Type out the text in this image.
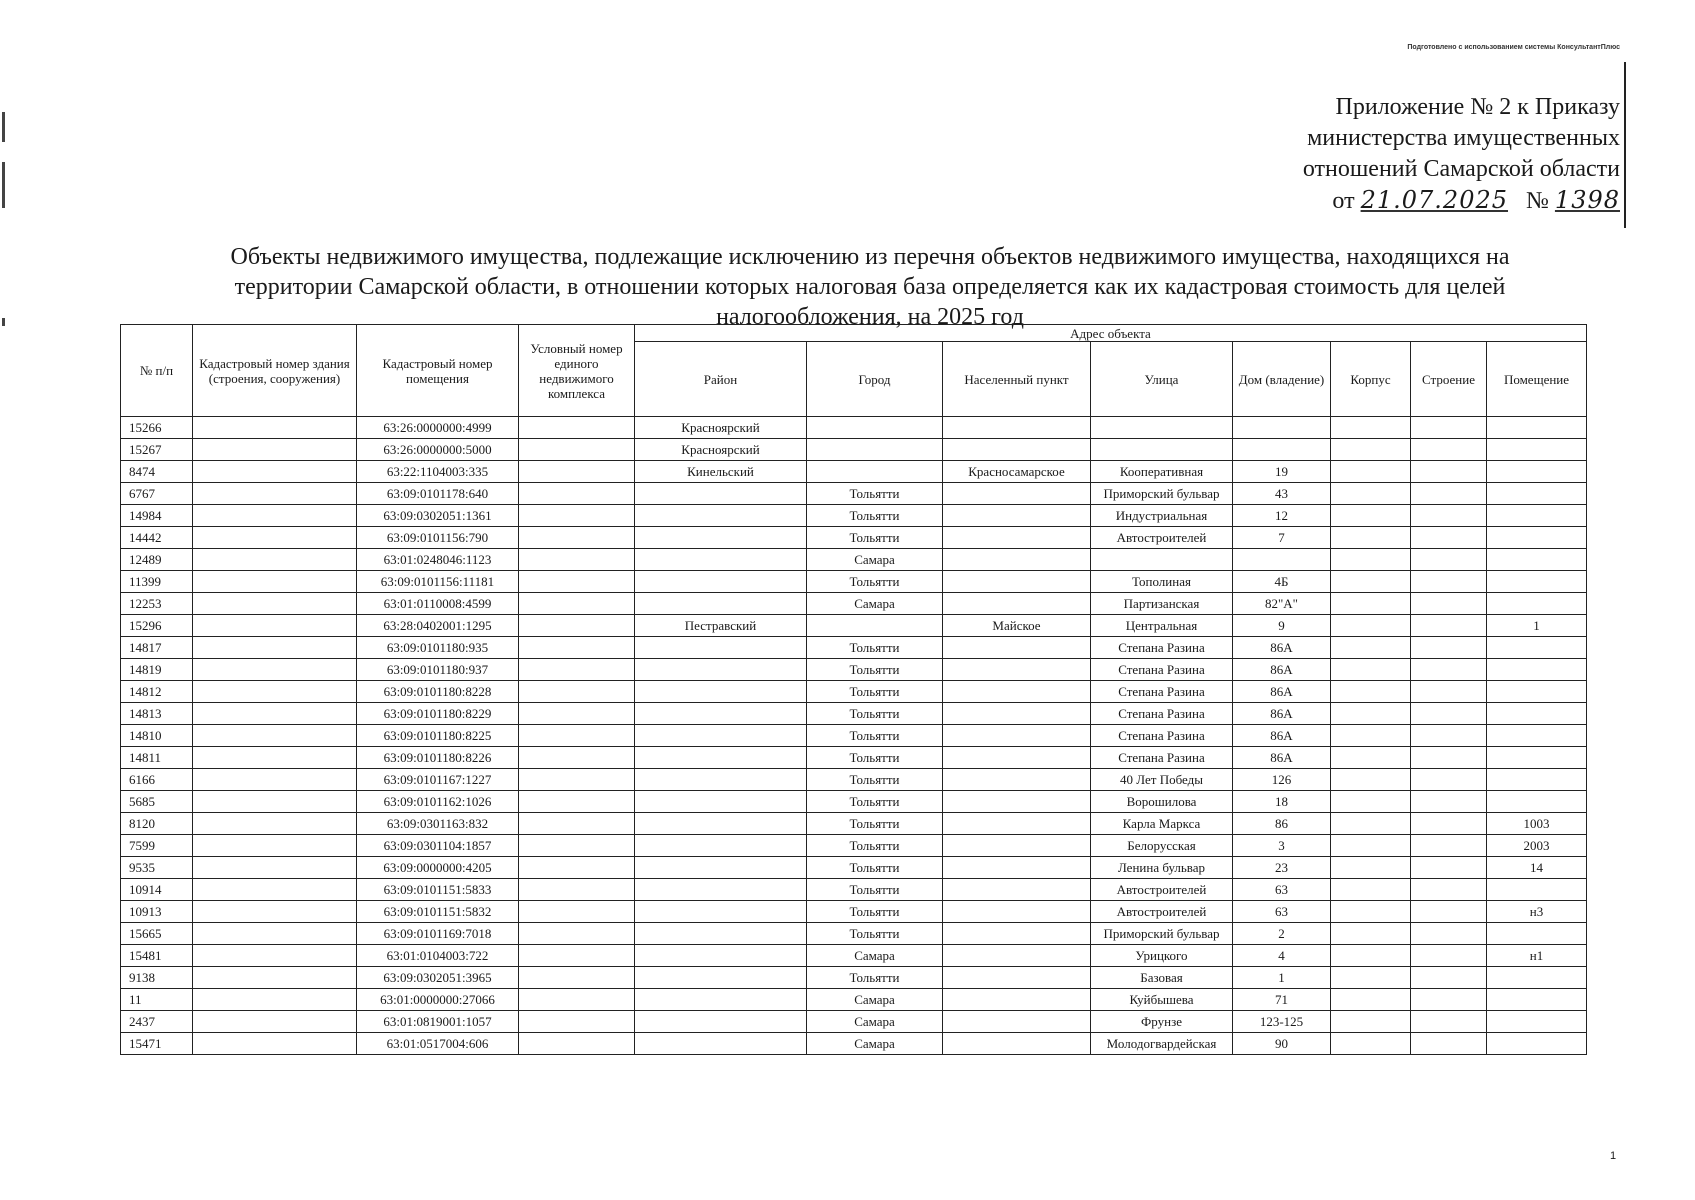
Подготовлено с использованием системы КонсультантПлюс
Приложение № 2 к Приказу
министерства имущественных
отношений Самарской области
от 21.07.2025 № 1398
Объекты недвижимого имущества, подлежащие исключению из перечня объектов недвижимого имущества, находящихся на
территории Самарской области, в отношении которых налоговая база определяется как их кадастровая стоимость для целей
налогообложения, на 2025 год
№ п/п	Кадастровый номер здания (строения, сооружения)	Кадастровый номер помещения	Условный номер единого недвижимого комплекса	Адрес объекта							
				Район	Город	Населенный пункт	Улица	Дом (владение)	Корпус	Строение	Помещение
15266		63:26:0000000:4999		Красноярский							
15267		63:26:0000000:5000		Красноярский							
8474		63:22:1104003:335		Кинельский		Красносамарское	Кооперативная	19			
6767		63:09:0101178:640			Тольятти		Приморский бульвар	43			
14984		63:09:0302051:1361			Тольятти		Индустриальная	12			
14442		63:09:0101156:790			Тольятти		Автостроителей	7			
12489		63:01:0248046:1123			Самара						
11399		63:09:0101156:11181			Тольятти		Тополиная	4Б			
12253		63:01:0110008:4599			Самара		Партизанская	82"А"			
15296		63:28:0402001:1295		Пестравский		Майское	Центральная	9			1
14817		63:09:0101180:935			Тольятти		Степана Разина	86А			
14819		63:09:0101180:937			Тольятти		Степана Разина	86А			
14812		63:09:0101180:8228			Тольятти		Степана Разина	86А			
14813		63:09:0101180:8229			Тольятти		Степана Разина	86А			
14810		63:09:0101180:8225			Тольятти		Степана Разина	86А			
14811		63:09:0101180:8226			Тольятти		Степана Разина	86А			
6166		63:09:0101167:1227			Тольятти		40 Лет Победы	126			
5685		63:09:0101162:1026			Тольятти		Ворошилова	18			
8120		63:09:0301163:832			Тольятти		Карла Маркса	86			1003
7599		63:09:0301104:1857			Тольятти		Белорусская	3			2003
9535		63:09:0000000:4205			Тольятти		Ленина бульвар	23			14
10914		63:09:0101151:5833			Тольятти		Автостроителей	63			
10913		63:09:0101151:5832			Тольятти		Автостроителей	63			н3
15665		63:09:0101169:7018			Тольятти		Приморский бульвар	2			
15481		63:01:0104003:722			Самара		Урицкого	4			н1
9138		63:09:0302051:3965			Тольятти		Базовая	1			
11		63:01:0000000:27066			Самара		Куйбышева	71			
2437		63:01:0819001:1057			Самара		Фрунзе	123-125			
15471		63:01:0517004:606			Самара		Молодогвардейская	90			
1
